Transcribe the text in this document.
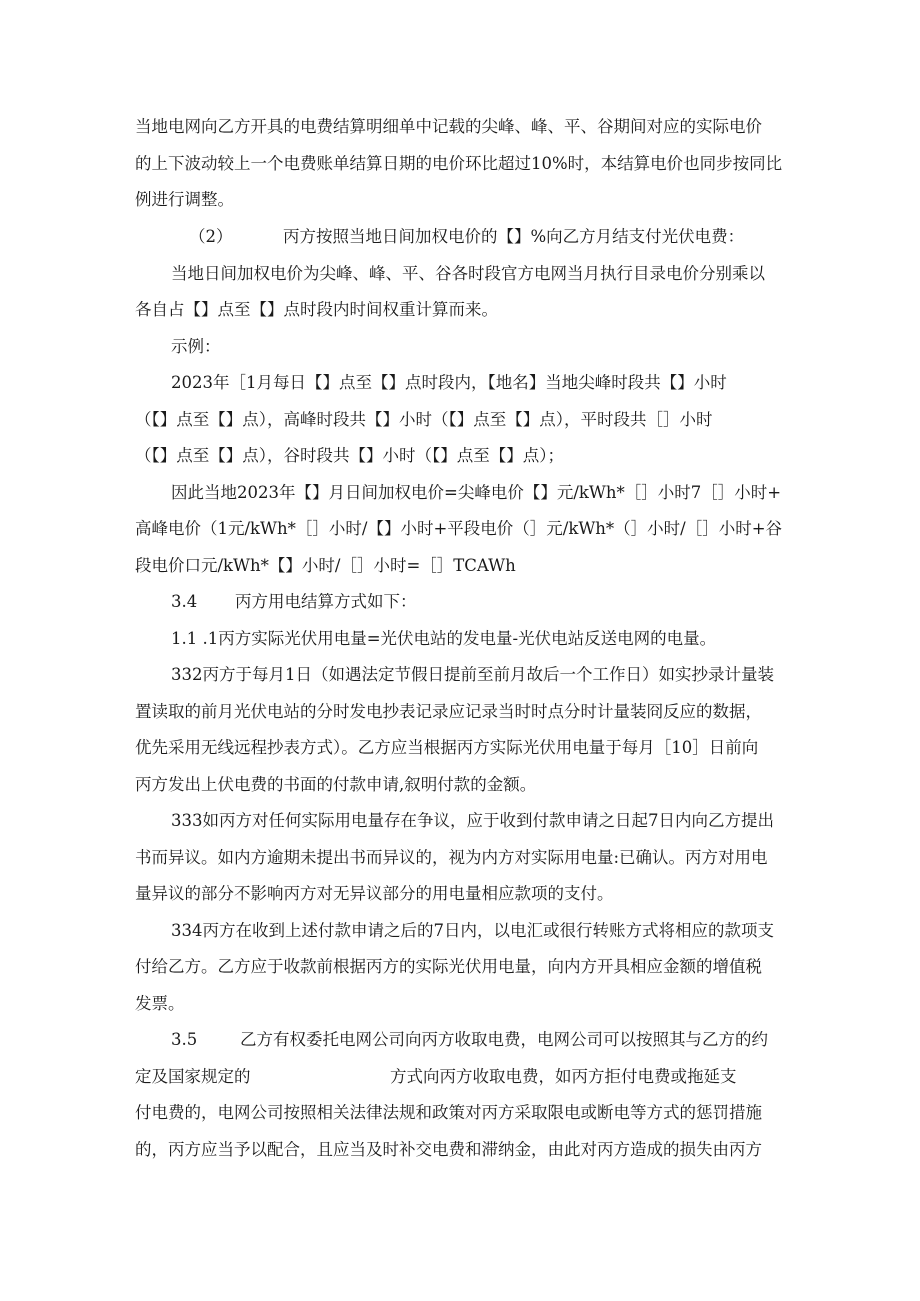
当地电网向乙方开具的电费结算明细单中记载的尖峰、峰、平、谷期间对应的实际电价
的上下波动较上一个电费账单结算日期的电价环比超过10%时，本结算电价也同步按同比
例进行调整。
（2）	丙方按照当地日间加权电价的【】%向乙方月结支付光伏电费：
当地日间加权电价为尖峰、峰、平、谷各时段官方电网当月执行目录电价分别乘以
各自占【】点至【】点时段内时间权重计算而来。
示例：
2023年［1月每日【】点至【】点时段内，【地名】当地尖峰时段共【】小时
（【】点至【】点），高峰时段共【】小时（【】点至【】点），平时段共［］小时
（【】点至【】点），谷时段共【】小时（【】点至【】点）；
因此当地2023年【】月日间加权电价=尖峰电价【】元/kWh*［］小时7［］小时+
高峰电价（1元/kWh*［］小时/【】小时+平段电价（］元/kWh*（］小时/［］小时+谷
段电价口元/kWh*【】小时/［］小时=［］TCAWh
3.4 丙方用电结算方式如下：
1.1 .1丙方实际光伏用电量=光伏电站的发电量-光伏电站反送电网的电量。
332丙方于每月1日（如遇法定节假日提前至前月故后一个工作日）如实抄录计量装
置读取的前月光伏电站的分时发电抄表记录应记录当时时点分时计量装冏反应的数据，
优先采用无线远程抄表方式）。乙方应当根据丙方实际光伏用电量于每月［10］日前向
丙方发出上伏电费的书面的付款申请,叙明付款的金额。
333如丙方对任何实际用电量存在争议，应于收到付款申请之日起7日内向乙方提出
书而异议。如内方逾期未提出书而异议的，视为内方对实际用电量:已确认。丙方对用电
量异议的部分不影响丙方对无异议部分的用电量相应款项的支付。
334丙方在收到上述付款申请之后的7日内，以电汇或很行转账方式将相应的款项支
付给乙方。乙方应于收款前根据丙方的实际光伏用电量，向内方开具相应金额的增值税
发票。
3.5	乙方有权委托电网公司向丙方收取电费，电网公司可以按照其与乙方的约
定及国家规定的	方式向丙方收取电费，如丙方拒付电费或拖延支
付电费的，电网公司按照相关法律法规和政策对丙方采取限电或断电等方式的惩罚措施
的，丙方应当予以配合，且应当及时补交电费和滞纳金，由此对丙方造成的损失由丙方
